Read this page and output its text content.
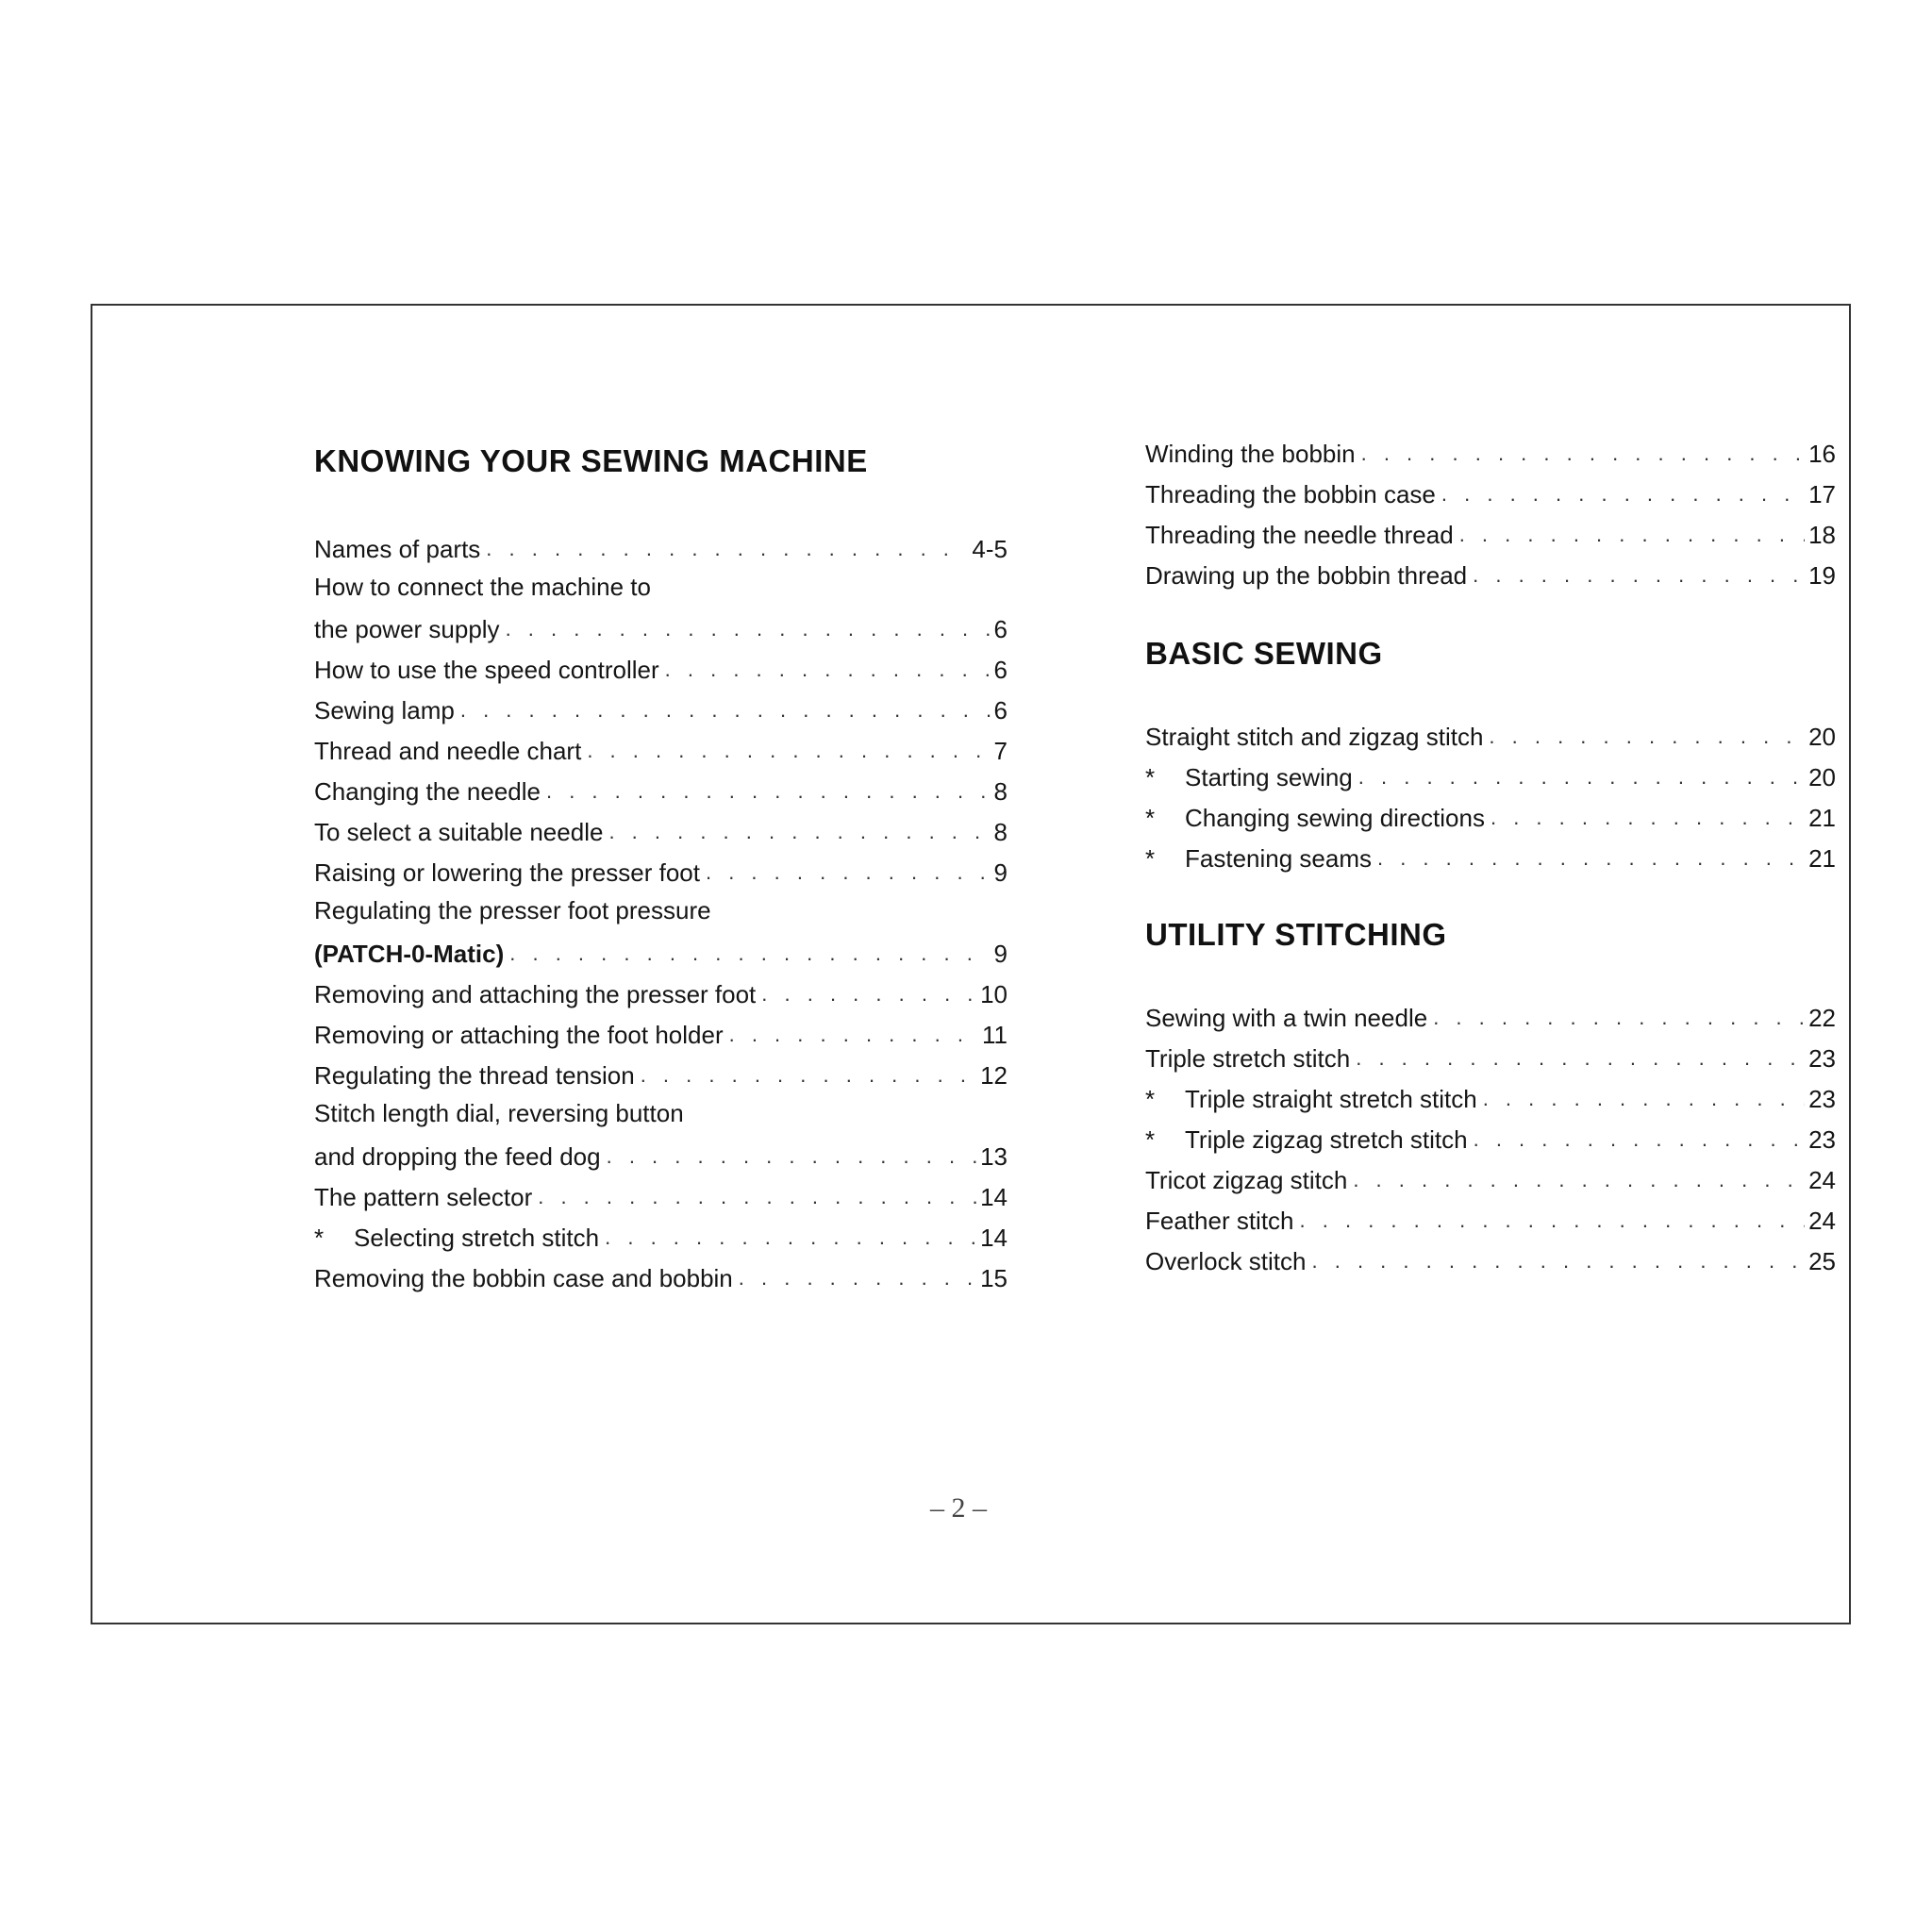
KNOWING YOUR SEWING MACHINE
Names of parts . . .	4-5
How to connect the machine to
the power supply . . .	6
How to use the speed controller . . .	6
Sewing lamp . . .	6
Thread and needle chart . . .	7
Changing the needle . . .	8
To select a suitable needle . . .	8
Raising or lowering the presser foot . . .	9
Regulating the presser foot pressure
(PATCH-0-Matic) . . .	9
Removing and attaching the presser foot . . .	10
Removing or attaching the foot holder . . .	11
Regulating the thread tension . . .	12
Stitch length dial, reversing button
and dropping the feed dog . . .	13
The pattern selector . . .	14
*	Selecting stretch stitch . . .	14
Removing the bobbin case and bobbin . . .	15
Winding the bobbin . . .	16
Threading the bobbin case . . .	17
Threading the needle thread . . .	18
Drawing up the bobbin thread . . .	19
BASIC SEWING
Straight stitch and zigzag stitch . . .	20
*	Starting sewing . . .	20
*	Changing sewing directions . . .	21
*	Fastening seams . . .	21
UTILITY STITCHING
Sewing with a twin needle . . .	22
Triple stretch stitch . . .	23
*	Triple straight stretch stitch . . .	23
*	Triple zigzag stretch stitch . . .	23
Tricot zigzag stitch . . .	24
Feather stitch . . .	24
Overlock stitch . . .	25
– 2 –
